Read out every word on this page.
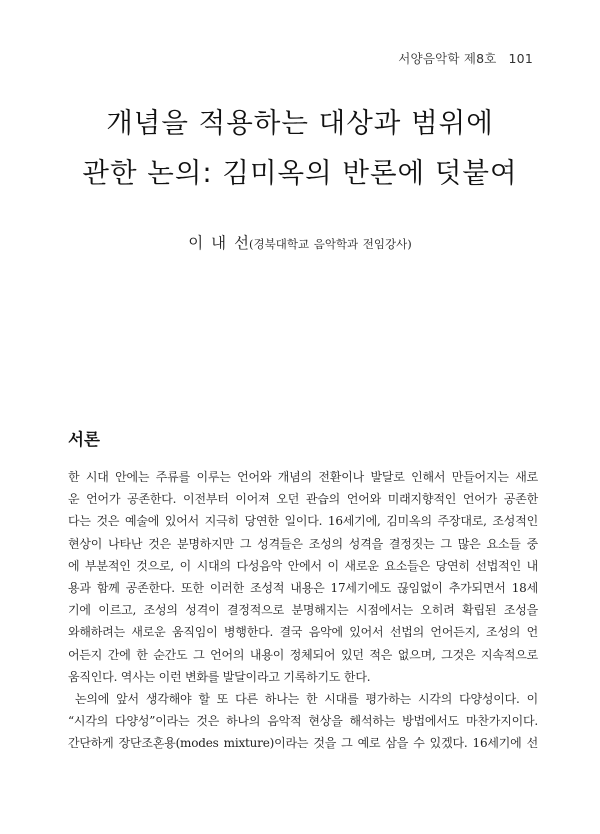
서양음악학 제8호 101
개념을 적용하는 대상과 범위에
관한 논의: 김미옥의 반론에 덧붙여
이 내 선(경북대학교 음악학과 전임강사)
서론
한 시대 안에는 주류를 이루는 언어와 개념의 전환이나 발달로 인해서 만들어지는 새로
운 언어가 공존한다. 이전부터 이어져 오던 관습의 언어와 미래지향적인 언어가 공존한
다는 것은 예술에 있어서 지극히 당연한 일이다. 16세기에, 김미옥의 주장대로, 조성적인
현상이 나타난 것은 분명하지만 그 성격들은 조성의 성격을 결정짓는 그 많은 요소들 중
에 부분적인 것으로, 이 시대의 다성음악 안에서 이 새로운 요소들은 당연히 선법적인 내
용과 함께 공존한다. 또한 이러한 조성적 내용은 17세기에도 끊임없이 추가되면서 18세
기에 이르고, 조성의 성격이 결정적으로 분명해지는 시점에서는 오히려 확립된 조성을
와해하려는 새로운 움직임이 병행한다. 결국 음악에 있어서 선법의 언어든지, 조성의 언
어든지 간에 한 순간도 그 언어의 내용이 정체되어 있던 적은 없으며, 그것은 지속적으로
움직인다. 역사는 이런 변화를 발달이라고 기록하기도 한다.
논의에 앞서 생각해야 할 또 다른 하나는 한 시대를 평가하는 시각의 다양성이다. 이
“시각의 다양성”이라는 것은 하나의 음악적 현상을 해석하는 방법에서도 마찬가지이다.
간단하게 장단조혼용(modes mixture)이라는 것을 그 예로 삼을 수 있겠다. 16세기에 선
